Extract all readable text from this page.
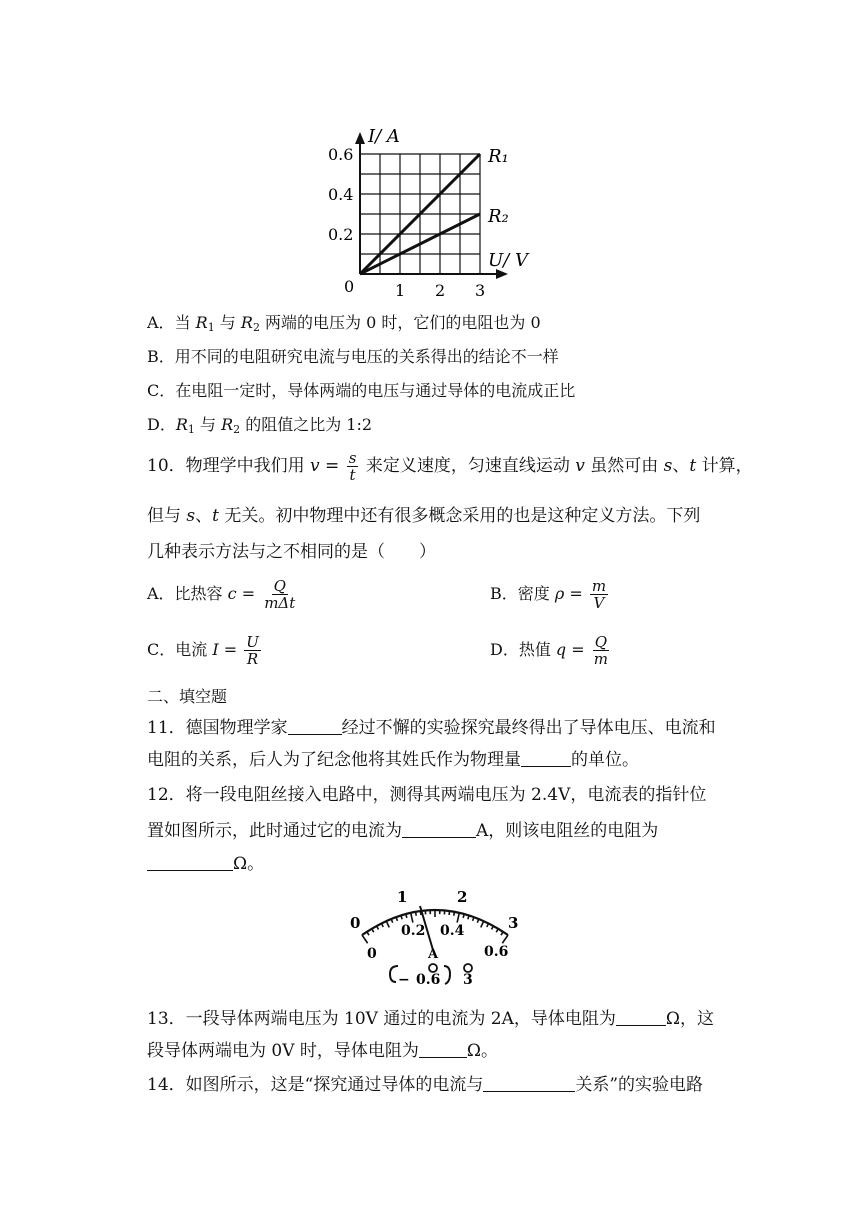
I/ A
U/ V
0	1 2 3
0.2
0.4
0.6	R₁
R₂
A．当 $R_1$ 与 $R_2$ 两端的电压为 0 时，它们的电阻也为 0
B．用不同的电阻研究电流与电压的关系得出的结论不一样
C．在电阻一定时，导体两端的电压与通过导体的电流成正比
D．$R_1$ 与 $R_2$ 的阻值之比为 1:2
10．物理学中我们用 $v = \frac{s}{t}$ 来定义速度，匀速直线运动 v 虽然可由 s、t 计算，
但与 s、t 无关。初中物理中还有很多概念采用的也是这种定义方法。下列
几种表示方法与之不相同的是（　　）
A．比热容 $c = \frac{Q}{\text{mΔt}}$	B．密度 $\rho = \frac{m}{V}$
C．电流 $I = \frac{U}{R}$	D．热值 $q = \frac{Q}{m}$
二、填空题
11．德国物理学家	经过不懈的实验探究最终得出了导体电压、电流和
电阻的关系，后人为了纪念他将其姓氏作为物理量	的单位。
12．将一段电阻丝接入电路中，测得其两端电压为 2.4V，电流表的指针位
置如图所示，此时通过它的电流为	A，则该电阻丝的电阻为
Ω。
0
1	2
3
0
0.2 0.4
0.6
A
− 0.6 3
13．一段导体两端电压为 10V 通过的电流为 2A，导体电阻为	Ω，这
段导体两端电为 0V 时，导体电阻为	Ω。
14．如图所示，这是“探究通过导体的电流与	关系”的实验电路
